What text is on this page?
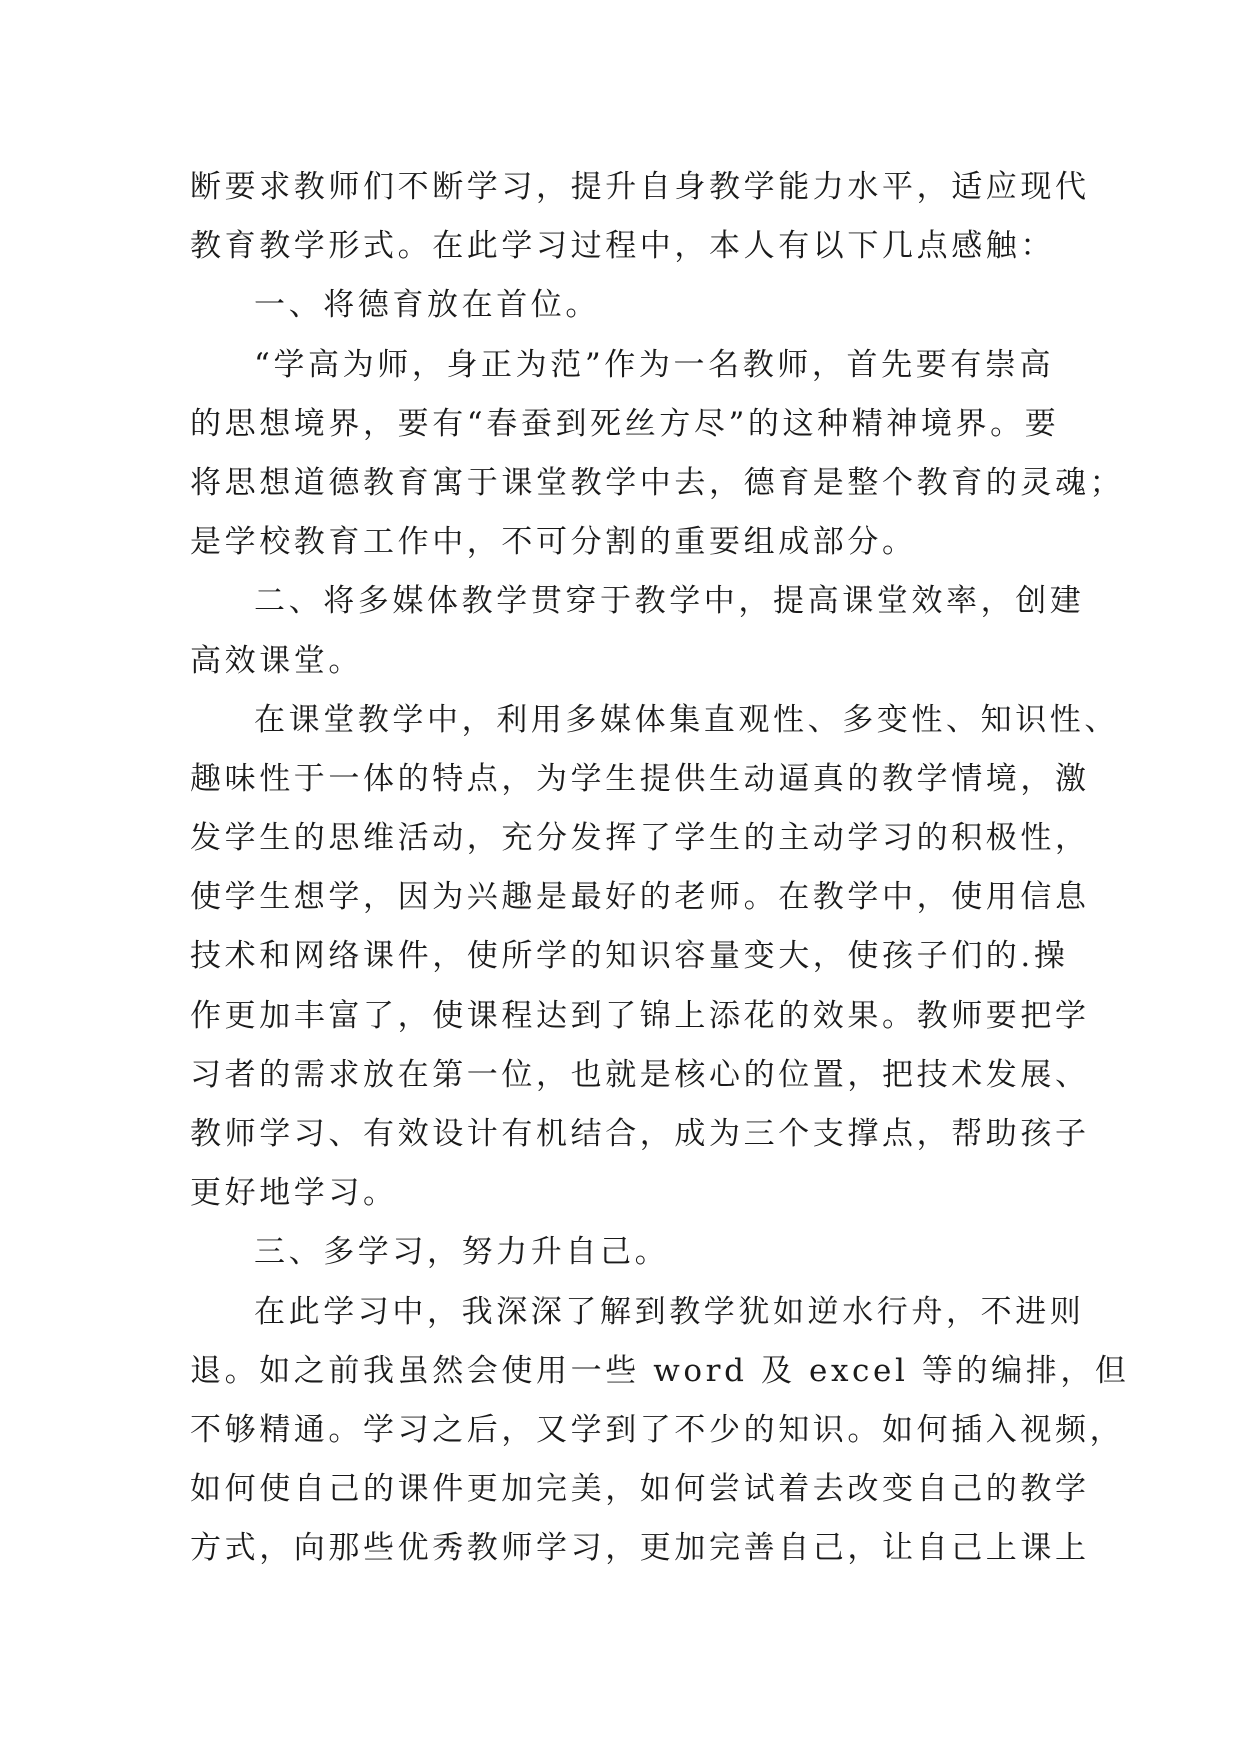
断要求教师们不断学习，提升自身教学能力水平，适应现代
教育教学形式。在此学习过程中，本人有以下几点感触：
一、将德育放在首位。
“学高为师，身正为范”作为一名教师，首先要有崇高
的思想境界，要有“春蚕到死丝方尽”的这种精神境界。要
将思想道德教育寓于课堂教学中去，德育是整个教育的灵魂；
是学校教育工作中，不可分割的重要组成部分。
二、将多媒体教学贯穿于教学中，提高课堂效率，创建
高效课堂。
在课堂教学中，利用多媒体集直观性、多变性、知识性、
趣味性于一体的特点，为学生提供生动逼真的教学情境，激
发学生的思维活动，充分发挥了学生的主动学习的积极性，
使学生想学，因为兴趣是最好的老师。在教学中，使用信息
技术和网络课件，使所学的知识容量变大，使孩子们的.操
作更加丰富了，使课程达到了锦上添花的效果。教师要把学
习者的需求放在第一位，也就是核心的位置，把技术发展、
教师学习、有效设计有机结合，成为三个支撑点，帮助孩子
更好地学习。
三、多学习，努力升自己。
在此学习中，我深深了解到教学犹如逆水行舟，不进则
退。如之前我虽然会使用一些 word 及 excel 等的编排，但
不够精通。学习之后，又学到了不少的知识。如何插入视频，
如何使自己的课件更加完美，如何尝试着去改变自己的教学
方式，向那些优秀教师学习，更加完善自己，让自己上课上
